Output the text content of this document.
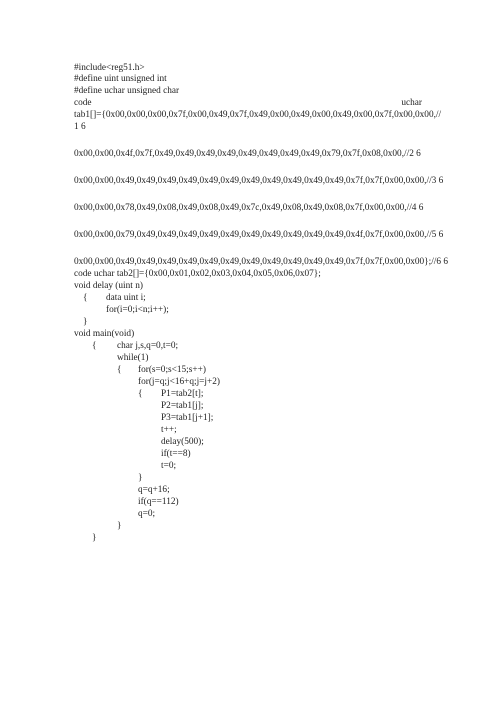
#include<reg51.h>
#define uint unsigned int
#define uchar unsigned char
code	uchar
tab1[]={0x00,0x00,0x00,0x7f,0x00,0x49,0x7f,0x49,0x00,0x49,0x00,0x49,0x00,0x7f,0x00,0x00,//
1 6
0x00,0x00,0x4f,0x7f,0x49,0x49,0x49,0x49,0x49,0x49,0x49,0x49,0x79,0x7f,0x08,0x00,//2 6
0x00,0x00,0x49,0x49,0x49,0x49,0x49,0x49,0x49,0x49,0x49,0x49,0x49,0x7f,0x7f,0x00,0x00,//3 6
0x00,0x00,0x78,0x49,0x08,0x49,0x08,0x49,0x7c,0x49,0x08,0x49,0x08,0x7f,0x00,0x00,//4 6
0x00,0x00,0x79,0x49,0x49,0x49,0x49,0x49,0x49,0x49,0x49,0x49,0x49,0x4f,0x7f,0x00,0x00,//5 6
0x00,0x00,0x49,0x49,0x49,0x49,0x49,0x49,0x49,0x49,0x49,0x49,0x49,0x7f,0x7f,0x00,0x00};//6 6
code uchar tab2[]={0x00,0x01,0x02,0x03,0x04,0x05,0x06,0x07};
void delay (uint n)
{ data uint i;
for(i=0;i<n;i++);
}
void main(void)
{ char j,s,q=0,t=0;
while(1)
{ for(s=0;s<15;s++)
for(j=q;j<16+q;j=j+2)
{ P1=tab2[t];
P2=tab1[j];
P3=tab1[j+1];
t++;
delay(500);
if(t==8)
t=0;
}
q=q+16;
if(q==112)
q=0;
}
}
